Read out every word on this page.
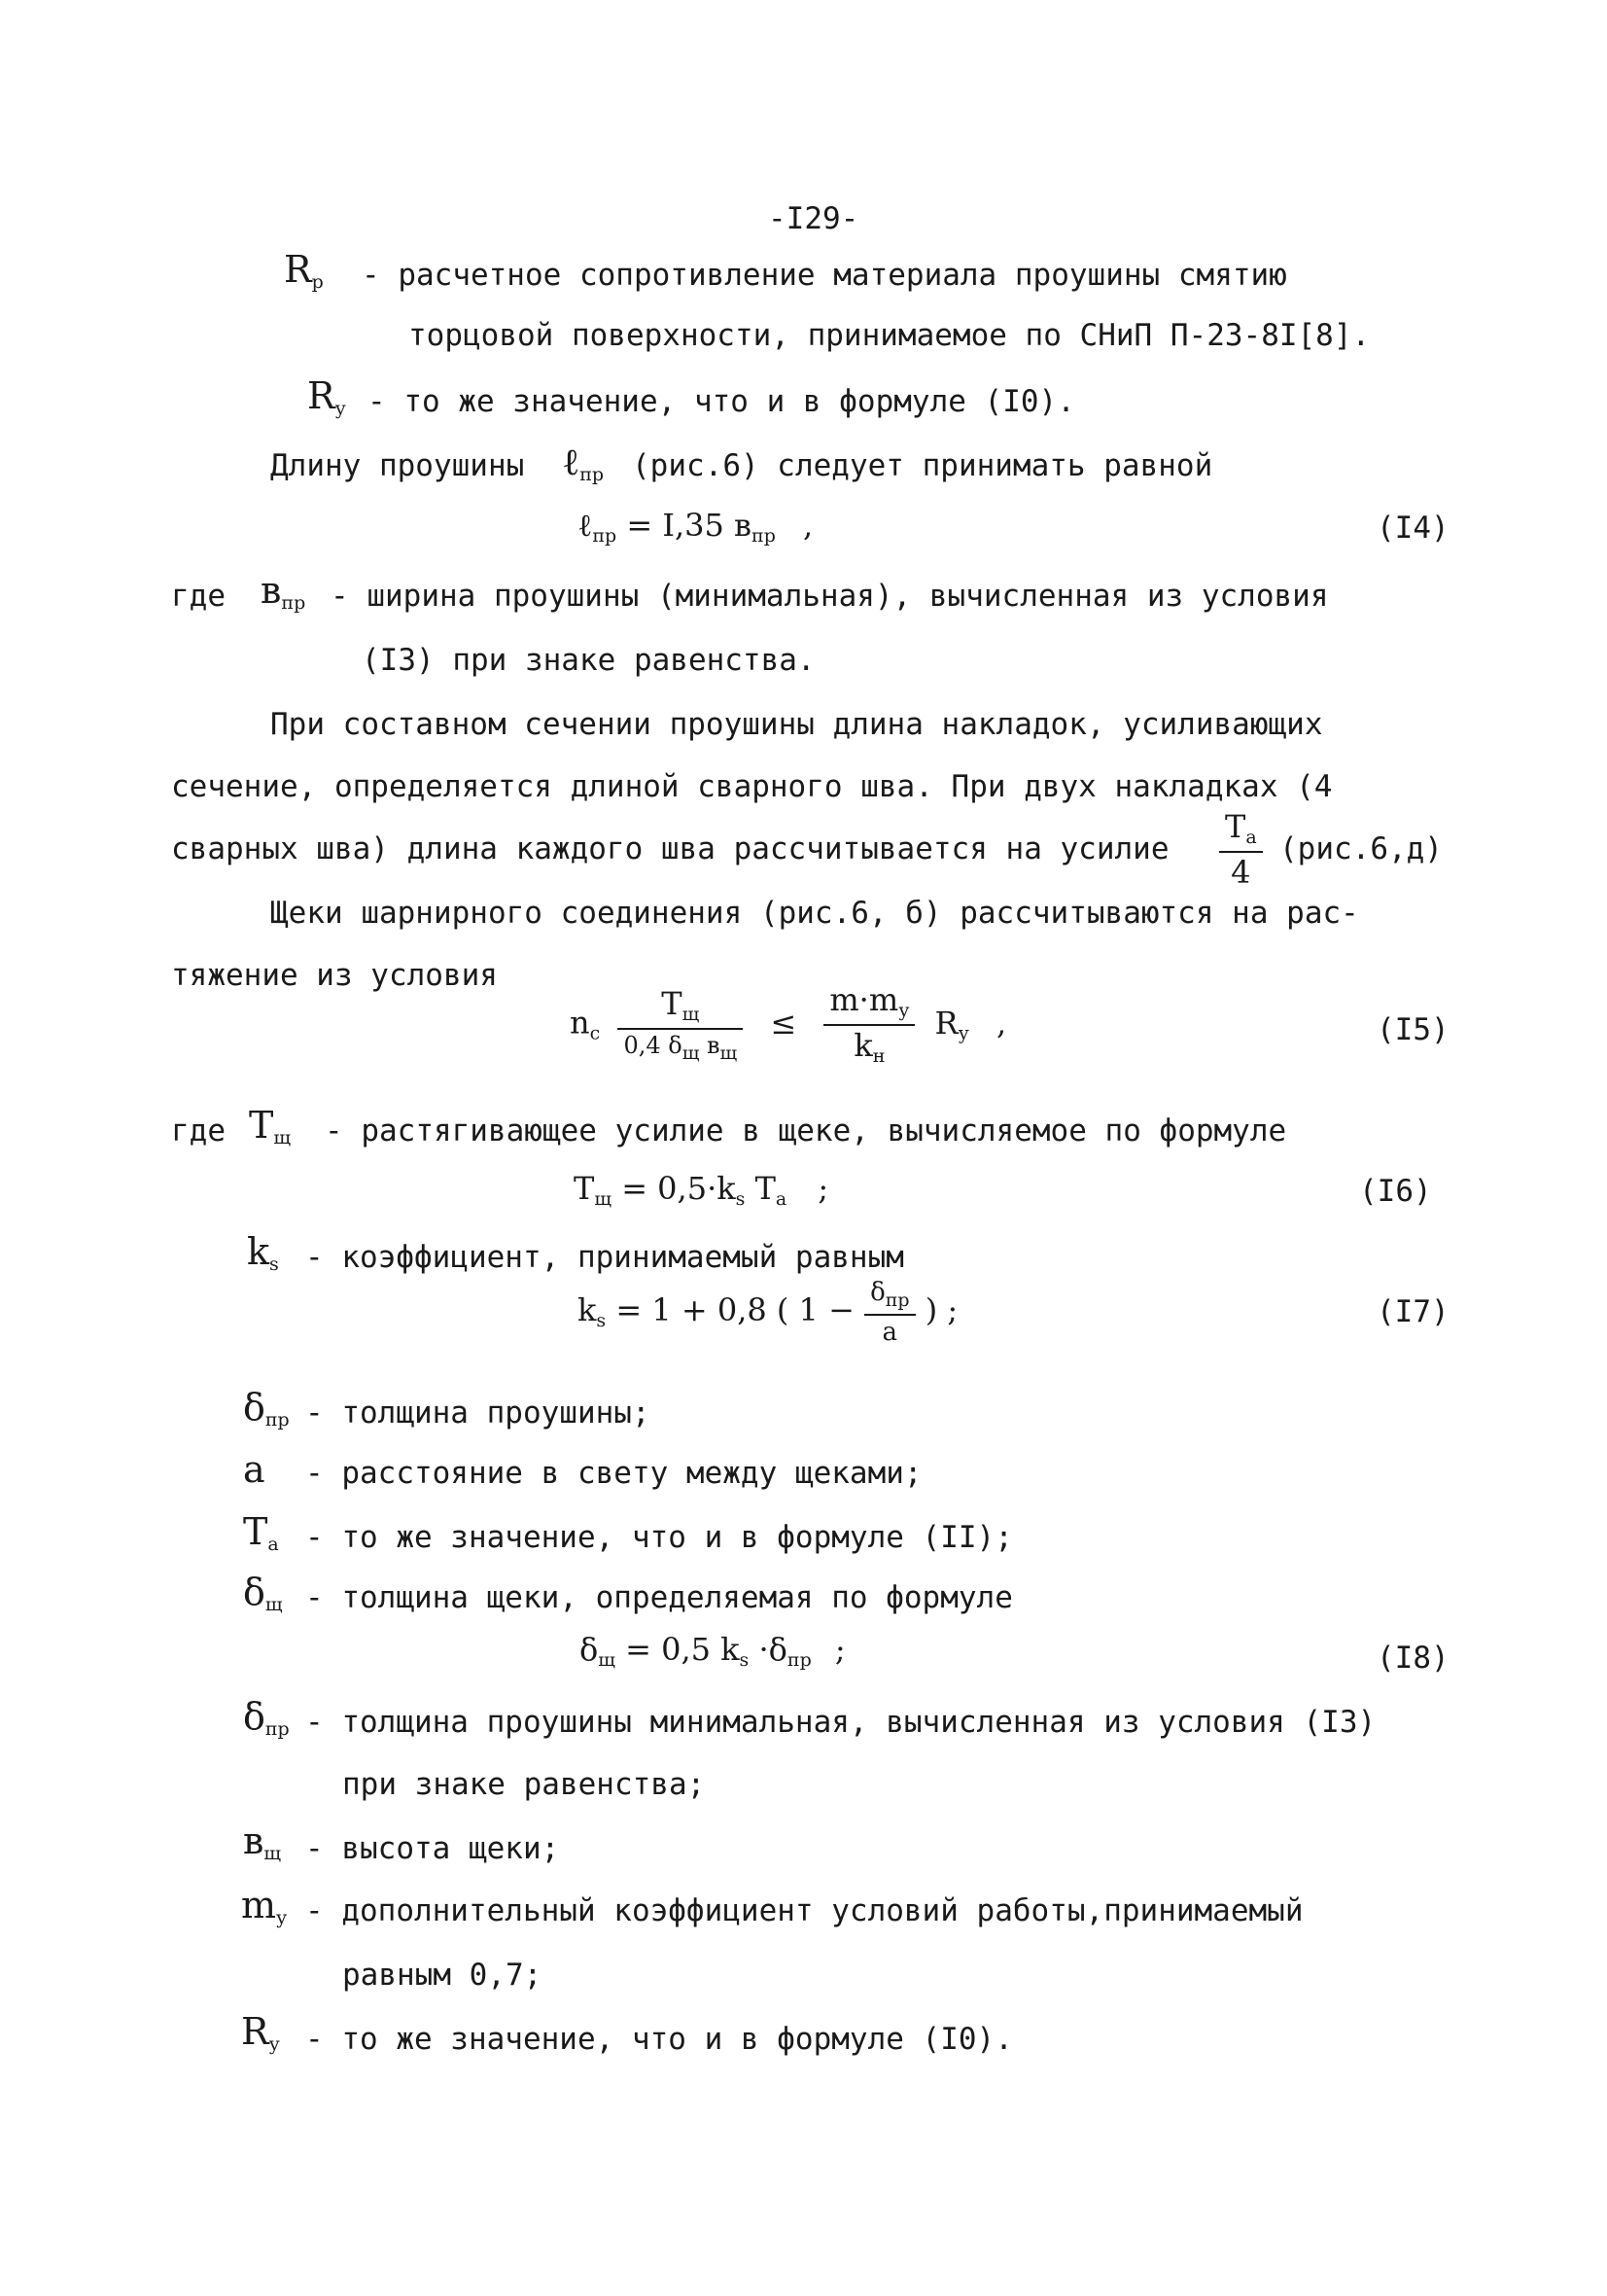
-I29-
$R_р$ - расчетное сопротивление материала проушины смятию
торцовой поверхности, принимаемое по СНиП П-23-8I[8].
$R_у$ - то же значение, что и в формуле (I0).
Длину проушины ℓ$_{пр}$ (рис.6) следует принимать равной
ℓ$_{пр}$ = I,35 $в_{пр}$ ,	(I4)
где $в_{пр}$ - ширина проушины (минимальная), вычисленная из условия
(I3) при знаке равенства.
При составном сечении проушины длина накладок, усиливающих
сечение, определяется длиной сварного шва. При двух накладках (4
сварных шва) длина каждого шва рассчитывается на усилие $\frac{T_a}{4} (рис.6,д)$
Щеки шарнирного соединения (рис.6, б) рассчитываются на рас-
тяжение из условия
$n_c \frac{T_щ}{0,4 \delta_щ в_щ} \le \frac{m\cdot m_у}{k_н} R_у$ ,	(I5)
где $T_щ$ - растягивающее усилие в щеке, вычисляемое по формуле
$T_щ = 0,5\cdot k_s$ $T_a$ ;	(I6)
$k_s$ - коэффициент, принимаемый равным
$k_s = 1 + 0,8$ ( $1 - \frac{\delta_{пр}}{a}$ ) ;	(I7)
$\delta_{пр}$ - толщина проушины;
a - расстояние в свету между щеками;
$T_a$ - то же значение, что и в формуле (II);
$\delta_щ$ - толщина щеки, определяемая по формуле
$\delta_щ = 0,5$ $k_s \cdot\delta_{пр}$ ;	(I8)
$\delta_{пр}$ - толщина проушины минимальная, вычисленная из условия (I3)
при знаке равенства;
$в_щ$ - высота щеки;
$m_у$ - дополнительный коэффициент условий работы,принимаемый
равным 0,7;
$R_у$ - то же значение, что и в формуле (I0).
